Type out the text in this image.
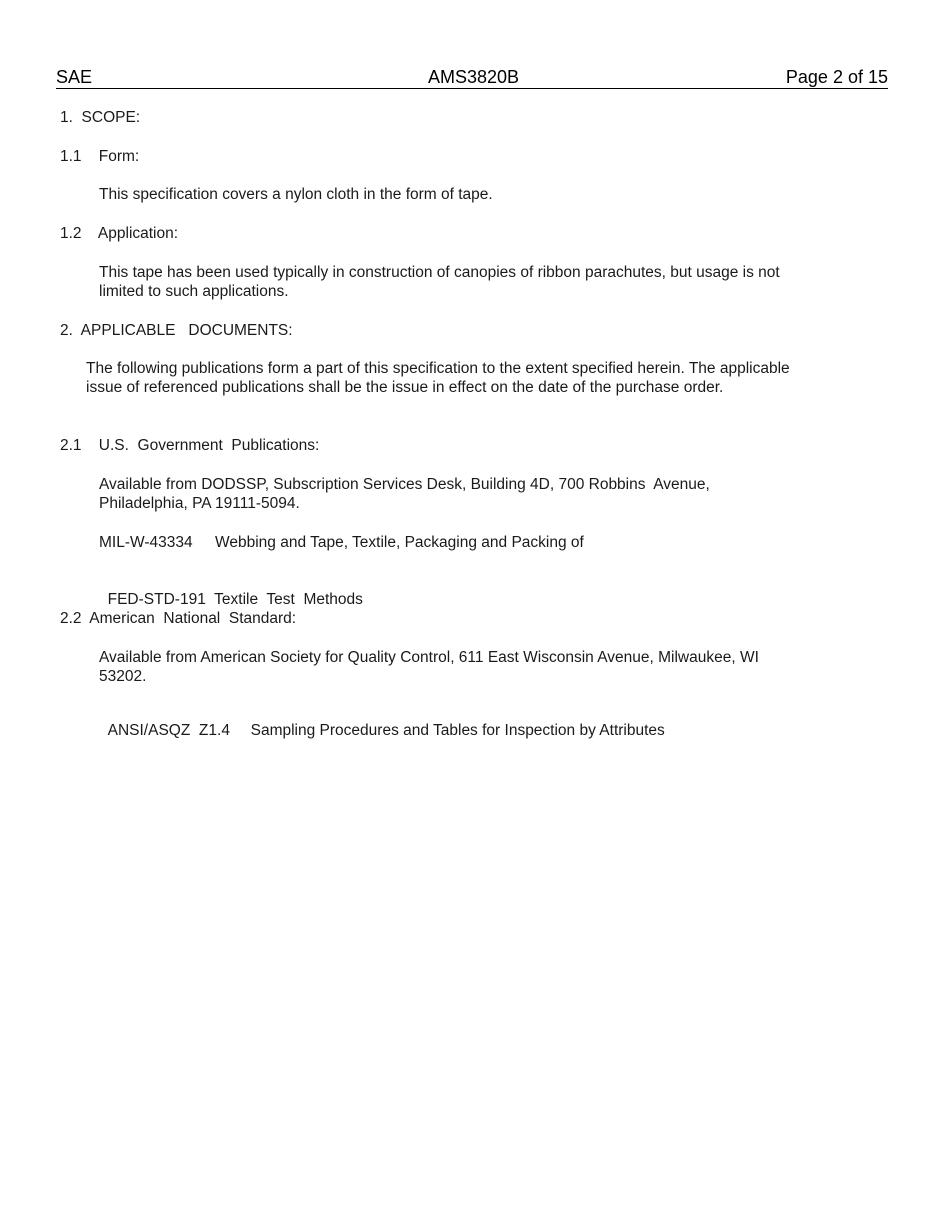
SAE	AMS3820B	Page 2 of 15
1.  SCOPE:
1.1    Form:
This specification covers a nylon cloth in the form of tape.
1.2    Application:
This tape has been used typically in construction of canopies of ribbon parachutes, but usage is not limited to such applications.
2.  APPLICABLE   DOCUMENTS:
The following publications form a part of this specification to the extent specified herein. The applicable issue of referenced publications shall be the issue in effect on the date of the purchase order.
2.1    U.S.  Government  Publications:
Available from DODSSP, Subscription Services Desk, Building 4D, 700 Robbins  Avenue, Philadelphia, PA 19111-5094.
MIL-W-43334 Webbing and Tape, Textile, Packaging and Packing of

FED-STD-191 Textile  Test  Methods

2.2  American  National  Standard:
Available from American Society for Quality Control, 611 East Wisconsin Avenue, Milwaukee, WI  53202.

ANSI/ASQZ  Z1.4 Sampling Procedures and Tables for Inspection by Attributes
